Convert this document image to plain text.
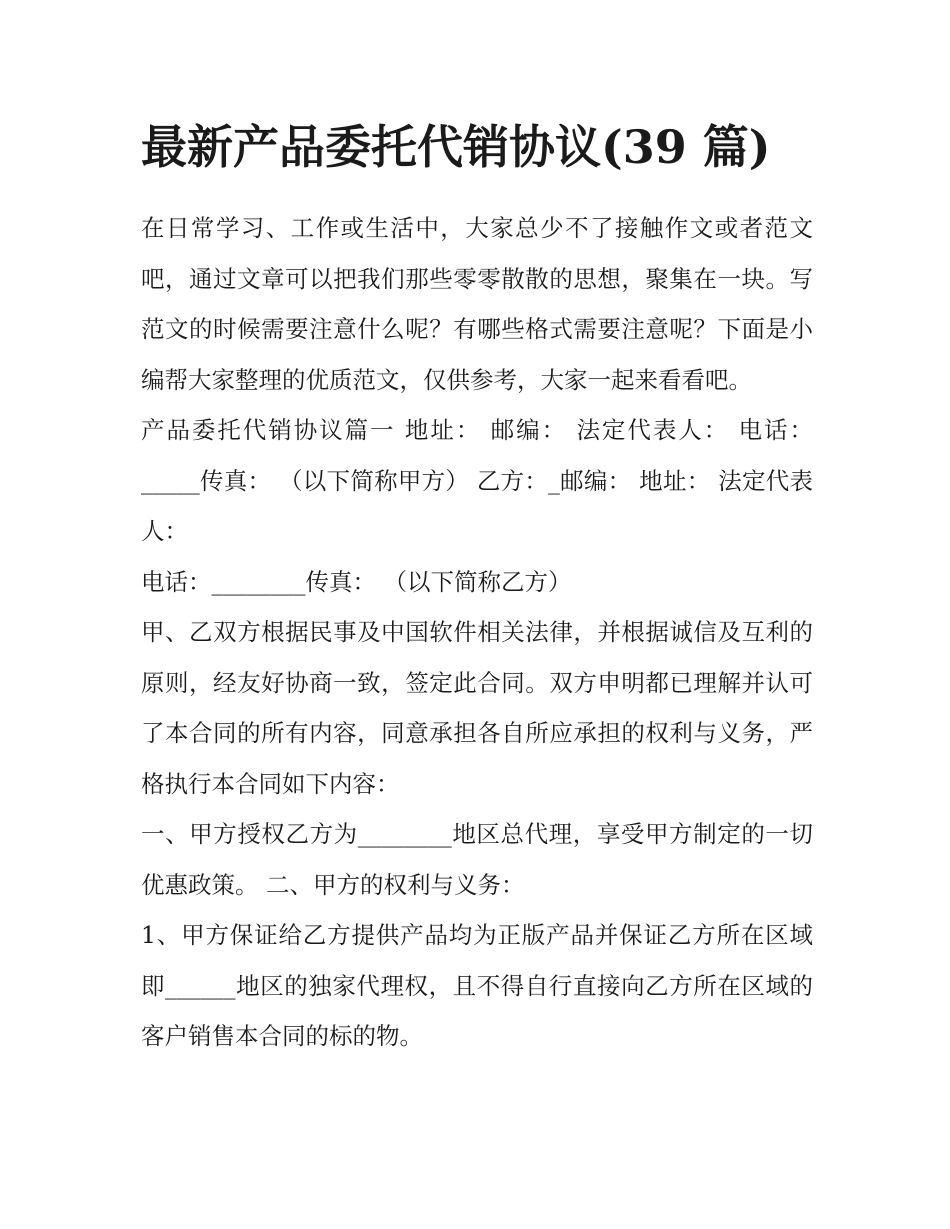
最新产品委托代销协议(39 篇)

在日常学习、工作或生活中，大家总少不了接触作文或者范文吧，通过文章可以把我们那些零零散散的思想，聚集在一块。写范文的时候需要注意什么呢？有哪些格式需要注意呢？下面是小编帮大家整理的优质范文，仅供参考，大家一起来看看吧。

产品委托代销协议篇一 地址： 邮编： 法定代表人： 电话：_____传真： （以下简称甲方） 乙方：_邮编： 地址： 法定代表人：

电话：________传真： （以下简称乙方）

甲、乙双方根据民事及中国软件相关法律，并根据诚信及互利的原则，经友好协商一致，签定此合同。双方申明都已理解并认可了本合同的所有内容，同意承担各自所应承担的权利与义务，严格执行本合同如下内容：

一、甲方授权乙方为________地区总代理，享受甲方制定的一切优惠政策。 二、甲方的权利与义务：

1、甲方保证给乙方提供产品均为正版产品并保证乙方所在区域即______地区的独家代理权，且不得自行直接向乙方所在区域的客户销售本合同的标的物。
